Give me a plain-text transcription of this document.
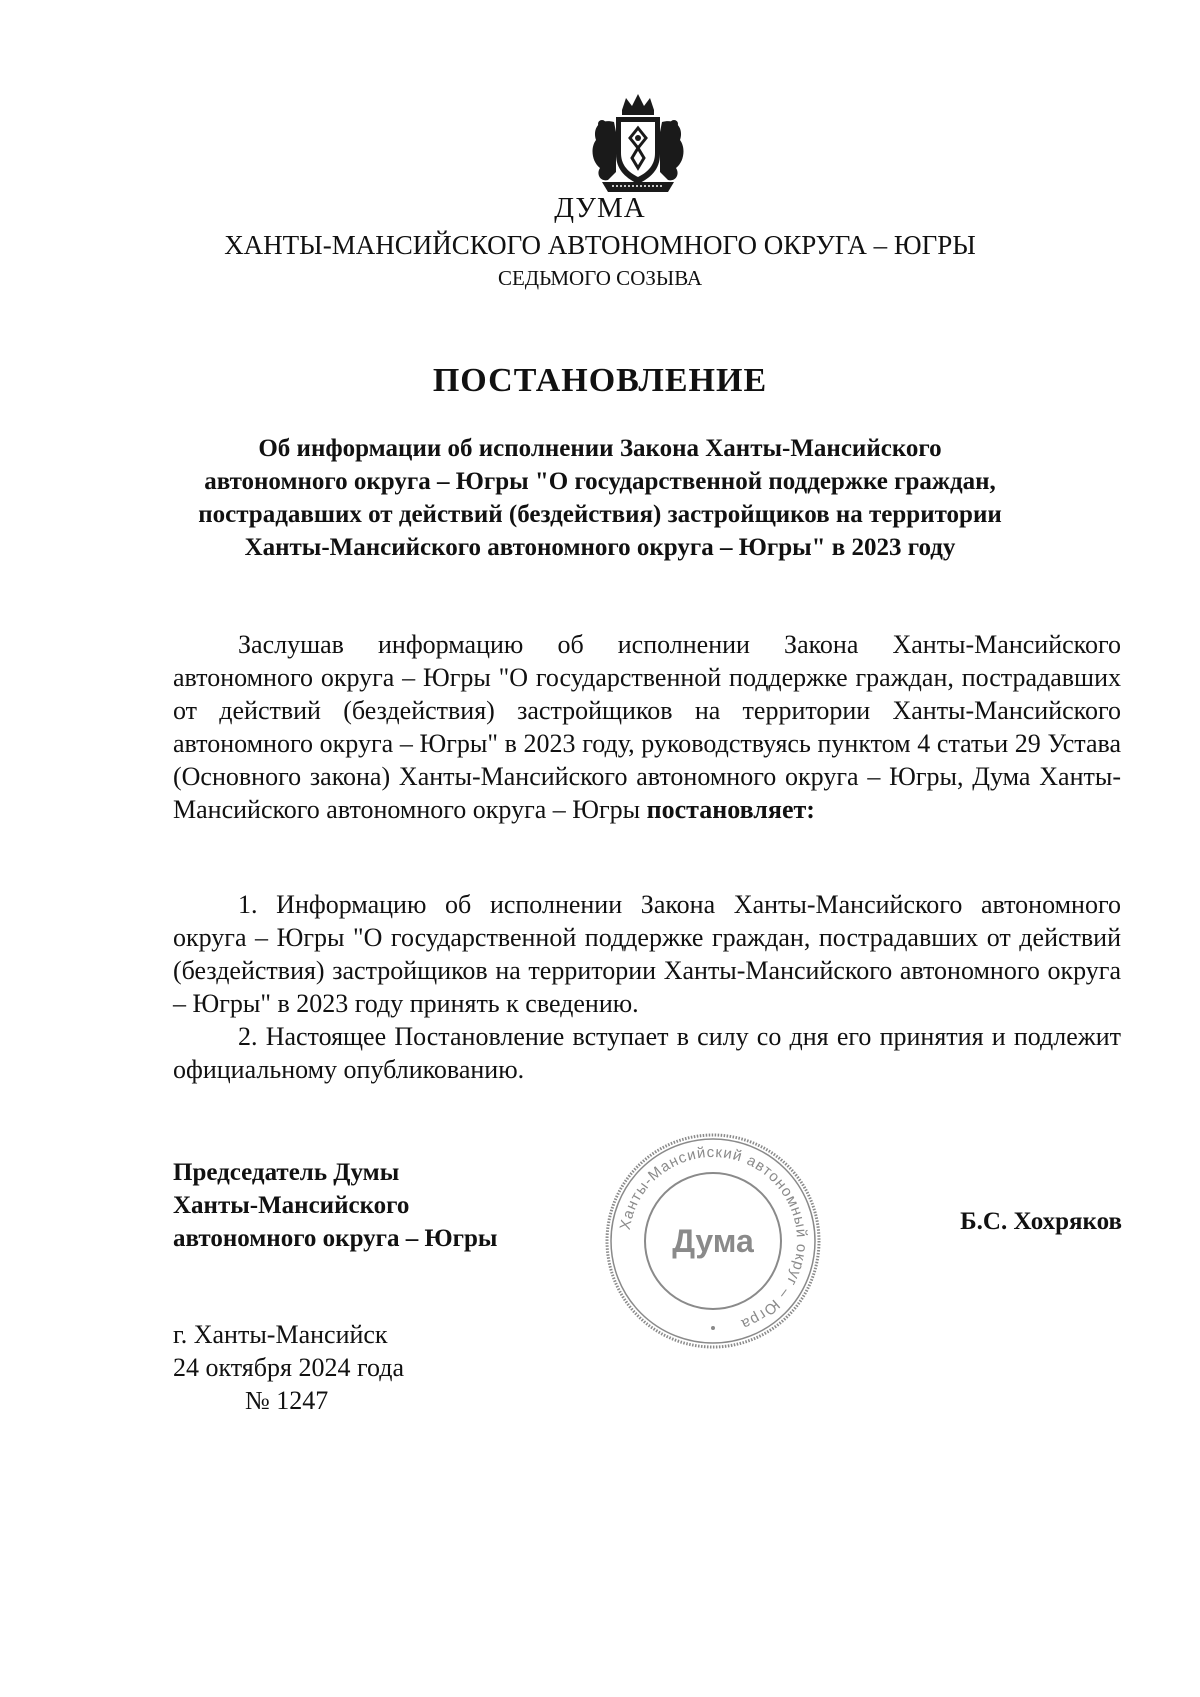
ДУМА
ХАНТЫ-МАНСИЙСКОГО АВТОНОМНОГО ОКРУГА – ЮГРЫ
СЕДЬМОГО СОЗЫВА
ПОСТАНОВЛЕНИЕ
Об информации об исполнении Закона Ханты-Мансийского
автономного округа – Югры "О государственной поддержке граждан,
пострадавших от действий (бездействия) застройщиков на территории
Ханты-Мансийского автономного округа – Югры" в 2023 году

Заслушав информацию об исполнении Закона Ханты-Мансийского автономного округа – Югры "О государственной поддержке граждан, пострадавших от действий (бездействия) застройщиков на территории Ханты-Мансийского автономного округа – Югры" в 2023 году, руководствуясь пунктом 4 статьи 29 Устава (Основного закона) Ханты-Мансийского автономного округа – Югры, Дума Ханты-Мансийского автономного округа – Югры постановляет:

1. Информацию об исполнении Закона Ханты-Мансийского автономного округа – Югры "О государственной поддержке граждан, пострадавших от действий (бездействия) застройщиков на территории Ханты-Мансийского автономного округа – Югры" в 2023 году принять к сведению.

2. Настоящее Постановление вступает в силу со дня его принятия и подлежит официальному опубликованию.

Председатель Думы
Ханты-Мансийского
автономного округа – Югры
Ханты-Мансийский автономный округ – Югра
Дума
Б.С. Хохряков
г. Ханты-Мансийск
24 октября 2024 года
№ 1247
